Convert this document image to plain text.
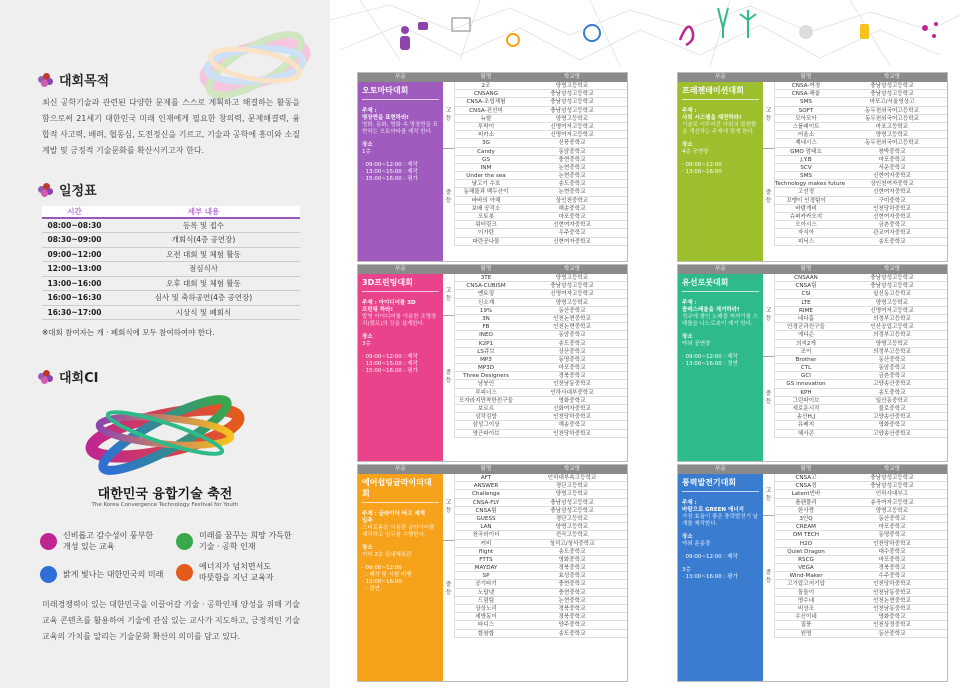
대회목적
최신 공학기술과 관련된 다양한 문제를 스스로 계획하고 해결하는 활동을 함으로써 21세기 대한민국 미래 인재에게 필요한 창의력, 문제해결력, 융합적 사고력, 배려, 협동심, 도전정신을 기르고, 기술과 공학에 흥미와 소질 계발 및 긍정적 기술문화를 확산시키고자 한다.
일정표
시간	세부 내용
08:00~08:30	등록 및 접수
08:30~09:00	개회식(4층 공연장)
09:00~12:00	오전 대회 및 체험 활동
12:00~13:00	점심식사
13:00~16:00	오후 대회 및 체험 활동
16:00~16:30	심사 및 축하공연(4층 공연장)
16:30~17:00	시상식 및 폐회식
※대회 참여자는 개 · 폐회식에 모두 참여하여야 한다.
대회CI
대한민국 융합기술 축전
The Korea Convergence Technology Festival for Youth
신비롭고 감수성이 풍부한
개성 있는 교육
미래를 꿈꾸는 희망 가득한
기술 · 공학 인재
밝게 빛나는 대한민국의 미래
에너지가 넘치면서도
따뜻함을 지닌 교육자
미래경쟁력이 있는 대한민국을 이끌어갈 기술 · 공학인재 양성을 위해 기술교육 콘텐츠를 활용하여 기술에 관심 있는 교사가 지도하고, 긍정적인 기술교육의 가치를 알리는 기술문화 확산의 의미를 담고 있다.
부문	팀명	학교명
오토마타대회
주제 :
명장면을 표현하라!
영화, 동화, 명화 속 명장면을 표현하는 오토마타를 제작 한다.
장소
1층
· 09:00~12:00 : 제작
· 13:00~15:00 : 제작
· 15:00~16:00 : 평가
고
등
중
등
2조	양명고등학교
CNSANG	충남삼성고등학교
CNSA-조립체험	충남삼성고등학교
CNSA-진선미	충남삼성고등학교
뉴탈	양명고등학교
투박이	신명여자고등학교
피카소	신명여자고등학교
3G	신풍중학교
Candy	동암중학교
GS	충현중학교
INM	논현중학교
Under the sea	논현중학교
날고기 수호	송도중학교
동해물과 백두산이	논현중학교
바바의 아해	상인천중학교
보배 공작소	해송중학교
오토봇	마포중학교
워터링크	신현여자중학교
이가탄	우주중학교
파란공나물	신현여자중학교
부문	팀명	학교명
프레젠테이션대회
주제 :
사회 시스템을 재전하라!
기술로 이루어진 사회의 불편함을 개선하는 주제에 맞게 한다.
장소
4층 공연장
· 09:00~12:00
· 13:00~16:00
고
등
중
등
CNSA-여정	충남삼성고등학교
CNSA-해울	충남삼성고등학교
SMS	마포고/서울영상고
SOFT	동두천외국어고등학교
모아모아	동두천외국어고등학교
스플래이트	마포고등학교
어울소	양명고등학교
제네시스	동두천외국어고등학교
GMO 엄태요	창박중학교
J.Y.B	마포중학교
SCV	서운중학교
SMS	신현여자중학교
Technology makes future	상인천여자중학교
고선정	신현여자중학교
꼬맹이 인경팀이	구미중학교
바람개비	인천당하중학교
슈퍼카카오지	신현여자중학교
오아시스	금촌중학교
자식아	관교여자중학교
피닉스	송도중학교
부문	팀명	학교명
3D프린팅대회
주제 : 아이디어를 3D
프린팅 하라!
발명 아이디어를 이용한 조명장치(램프)의 갓을 설계한다.
장소
3층
· 09:00~12:00 : 제작
· 13:00~15:00 : 제작
· 15:00~16:00 : 평가
고
등
중
등
3TE	양명고등학교
CNSA-CUBISM	충남삼성고등학교
멘토링	신명여자고등학교
신소재	양명고등학교
19%	동산중학교
3N	인천논현중학교
FB	인천논현중학교
INEO	동암중학교
K2P1	송도중학교
LS큐브	상산중학교
MP3	동명중학교
MP3D	마포중학교
Three Designers	경북중학교
남붕인	인천남동중학교
루피너스	인하사대부중학교
모자라지만착한친구들	영화중학교
보르르	신화여자중학교
삼각김밥	인천당하중학교
삼성그이상	해송중학교
영근파이브	인천당하중학교
부문	팀명	학교명
유선로봇대회
주제 :
클레스레울을 제거하라!
정규에 쌓인 노폐물 찌꺼기를 스테틀을 나노로봇이 제거 한다.
장소
야외 공연장
· 09:00~12:00 : 제작
· 13:00~16:00 : 경연
고
등
중
등
CNSAAN	충남삼성고등학교
CNSA팀	충남삼성고등학교
CSI	일신동고등학교
LTE	양명고등학교
RIME	신명여자고등학교
네다홈	의정부고등학교
안경군과친구들	인산공업고등학교
에디슨	의정부고등학교
의지2개	양명고등학교
조이	의정부고등학교
Brother	동산중학교
CTL	동암중학교
GCI	금촌중학교
GS innovation	고양송산중학교
KPH	송도중학교
그린파이브	일산동중학교
새로운시작	불로중학교
송산H,J	고양송산중학교
유베지	영화중학교
혜사콘	고양송산중학교
부문	팀명	학교명
에어쉽링글라이더대회
주제 : 글라이더 타고 세계
일주
스티로폼을 이용한 글라이더를 제작하고 임무를 수행한다.
장소
지하 2층 실내체육관
· 09:00~12:00
: 제작 및 시험 비행
· 13:00~16:00
: 경연
고
등
중
등
AFT	인하대부속고등학교
ANSWER	경단고등학교
Challenge	양명고등학교
CNSA-FLY	충남삼성고등학교
CNSA팀	충남삼성고등학교
GUESS	경단고등학교
LAN	양명고등학교
천국라이더	전곡고등학교
커비	청석고/청석중학교
flight	송도중학교
FTTS	영화중학교
MAYDAY	경북중학교
SP	효성중학교
공기타기	충현중학교
노답넷	충현중학교
드림팀	논현중학교
상상노리	경북중학교
세방동이	경북중학교
타디스	양주중학교
합참합	송도중학교
부문	팀명	학교명
풍력발전기대회
주제 :
바람으로 GREEN 에너지
가장 효율이 좋은 풍력발전기 날개를 제작한다.
장소
야외 운동장
· 09:00~12:00 : 제작
3층
· 13:00~16:00 : 평가
고
등
중
등
CNSA고	충남삼성고등학교
CNSA정	충남삼성고등학교
Latent빈바	인하사대부고
플랜풀리	송곡여자고등학교
한사랑	양명고등학교
3인Q	동산중학교
CREAM	마포중학교
DM TECH	동명중학교
H2O	인천당하중학교
Quiet Dragon	대수중학교
RSCG	마포중학교
VEGA	경북중학교
Wind-Maker	수주중학교
고기압고저기압	인천당하중학교
돌돌이	인천남동중학교
명수네	인천논현중학교
비상조	인천남동중학교
우신이네	영화중학교
질풍	인천상정중학교
원명	동산중학교
